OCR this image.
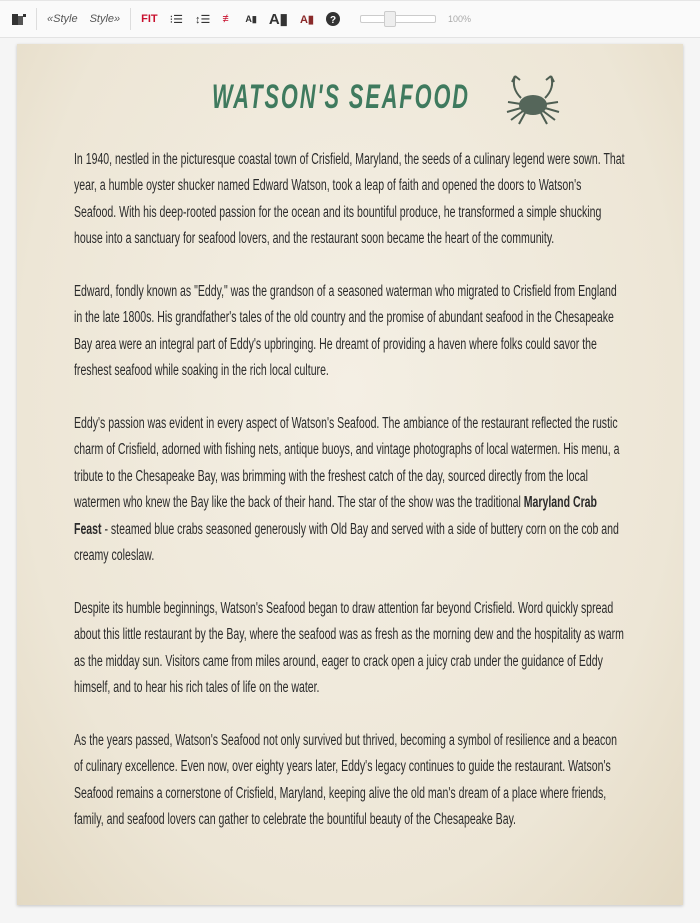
«Style Style» FIT ⁝☰ ↕☰ ≢ A▮ A▮ A▮ ?	100%
WATSON'S SEAFOOD

In 1940, nestled in the picturesque coastal town of Crisfield, Maryland, the seeds of a culinary legend were sown. That year, a humble oyster shucker named Edward Watson, took a leap of faith and opened the doors to Watson's Seafood. With his deep-rooted passion for the ocean and its bountiful produce, he transformed a simple shucking house into a sanctuary for seafood lovers, and the restaurant soon became the heart of the community.

Edward, fondly known as "Eddy," was the grandson of a seasoned waterman who migrated to Crisfield from England in the late 1800s. His grandfather's tales of the old country and the promise of abundant seafood in the Chesapeake Bay area were an integral part of Eddy's upbringing. He dreamt of providing a haven where folks could savor the freshest seafood while soaking in the rich local culture.

Eddy's passion was evident in every aspect of Watson's Seafood. The ambiance of the restaurant reflected the rustic charm of Crisfield, adorned with fishing nets, antique buoys, and vintage photographs of local watermen. His menu, a tribute to the Chesapeake Bay, was brimming with the freshest catch of the day, sourced directly from the local watermen who knew the Bay like the back of their hand. The star of the show was the traditional Maryland Crab Feast - steamed blue crabs seasoned generously with Old Bay and served with a side of buttery corn on the cob and creamy coleslaw.

Despite its humble beginnings, Watson's Seafood began to draw attention far beyond Crisfield. Word quickly spread about this little restaurant by the Bay, where the seafood was as fresh as the morning dew and the hospitality as warm as the midday sun. Visitors came from miles around, eager to crack open a juicy crab under the guidance of Eddy himself, and to hear his rich tales of life on the water.

As the years passed, Watson's Seafood not only survived but thrived, becoming a symbol of resilience and a beacon of culinary excellence. Even now, over eighty years later, Eddy's legacy continues to guide the restaurant. Watson's Seafood remains a cornerstone of Crisfield, Maryland, keeping alive the old man's dream of a place where friends, family, and seafood lovers can gather to celebrate the bountiful beauty of the Chesapeake Bay.
